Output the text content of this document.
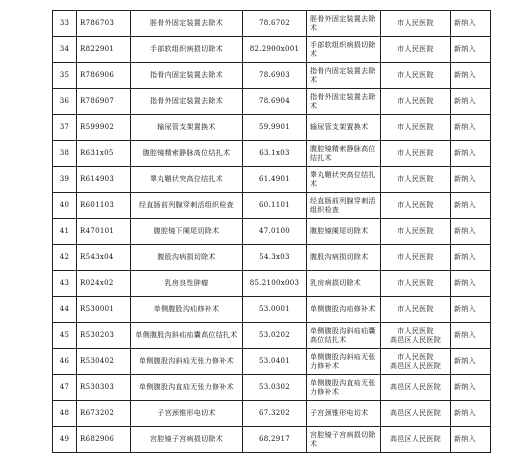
33	R786703	脛骨外固定装置去除术	78.6702	脛骨外固定装置去除术	市人民医院	新纳入
34	R822901	手部软组织病损切除术	82.2900x001	手部软组织病损切除术	市人民医院	新纳入
35	R786906	指骨内固定装置去除术	78.6903	指骨内固定装置去除术	市人民医院	新纳入
36	R786907	指骨外固定装置去除术	78.6904	指骨外固定装置去除术	市人民医院	新纳入
37	R599902	输尿管支架置换术	59.9901	输尿管支架置换术	市人民医院	新纳入
38	R631x05	腹腔镜精索静脉高位结扎术	63.1x03	腹腔镜精索静脉高位结扎术	市人民医院	新纳入
39	R614903	睾丸鞘状突高位结扎术	61.4901	睾丸鞘状突高位结扎术	市人民医院	新纳入
40	R601103	经直肠前列腺穿刺活组织检查	60.1101	经直肠前列腺穿刺活组织检查	市人民医院	新纳入
41	R470101	腹腔镜下阑尾切除术	47.0100	腹腔镜阑尾切除术	市人民医院	新纳入
42	R543x04	腹股沟病损切除术	54.3x03	腹股沟病损切除术	市人民医院	新纳入
43	R024x02	乳房良性肿瘤	85.2100x003	乳房病损切除术	市人民医院	新纳入
44	R530001	单侧腹股沟疝修补术	53.0001	单侧腹股沟疝修补术	市人民医院	新纳入
45	R530203	单侧腹股沟斜疝疝囊高位结扎术	53.0202	单侧腹股沟斜疝疝囊高位结扎术	市人民医院
高邑区人民医院	新纳入
46	R530402	单侧腹股沟斜疝无张力修补术	53.0401	单侧腹股沟斜疝无张力修补术	市人民医院
高邑区人民医院	新纳入
47	R530303	单侧腹股沟直疝无张力修补术	53.0302	单侧腹股沟直疝无张力修补术	高邑区人民医院	新纳入
48	R673202	子宫颈锥形电切术	67.3202	子宫颈锥形电切术	高邑区人民医院	新纳入
49	R682906	宫腔镜子宫病损切除术	68.2917	宫腔镜子宫病损切除术	高邑区人民医院	新纳入
